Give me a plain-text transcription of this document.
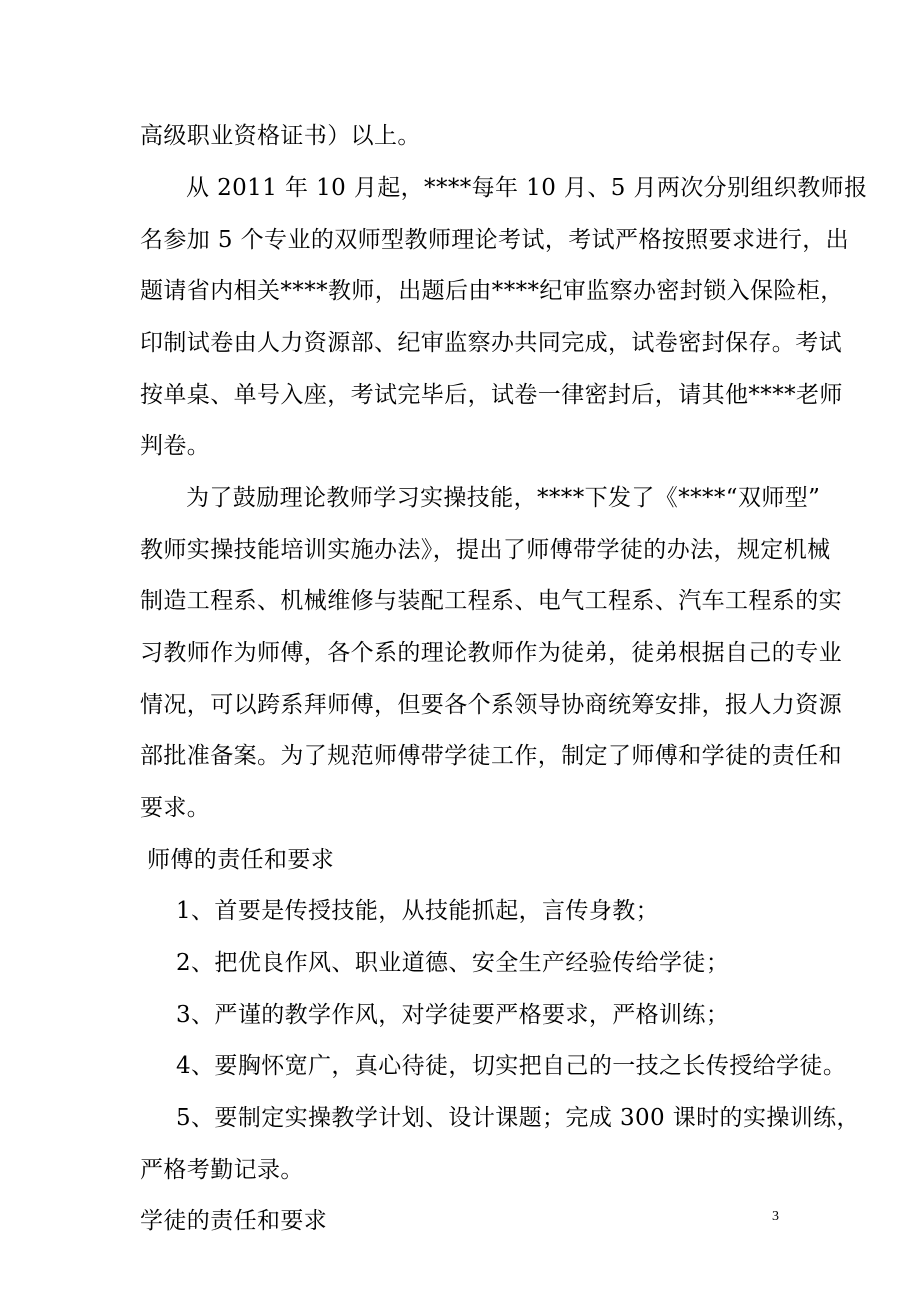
高级职业资格证书）以上。
从 2011 年 10 月起，****每年 10 月、5 月两次分别组织教师报
名参加 5 个专业的双师型教师理论考试，考试严格按照要求进行，出
题请省内相关****教师，出题后由****纪审监察办密封锁入保险柜，
印制试卷由人力资源部、纪审监察办共同完成，试卷密封保存。考试
按单桌、单号入座，考试完毕后，试卷一律密封后，请其他****老师
判卷。
为了鼓励理论教师学习实操技能，****下发了《****“双师型”
教师实操技能培训实施办法》，提出了师傅带学徒的办法，规定机械
制造工程系、机械维修与装配工程系、电气工程系、汽车工程系的实
习教师作为师傅，各个系的理论教师作为徒弟，徒弟根据自己的专业
情况，可以跨系拜师傅，但要各个系领导协商统筹安排，报人力资源
部批准备案。为了规范师傅带学徒工作，制定了师傅和学徒的责任和
要求。
师傅的责任和要求
1、首要是传授技能，从技能抓起，言传身教；
2、把优良作风、职业道德、安全生产经验传给学徒；
3、严谨的教学作风，对学徒要严格要求，严格训练；
4、要胸怀宽广，真心待徒，切实把自己的一技之长传授给学徒。
5、要制定实操教学计划、设计课题；完成 300 课时的实操训练，
严格考勤记录。
学徒的责任和要求	3
